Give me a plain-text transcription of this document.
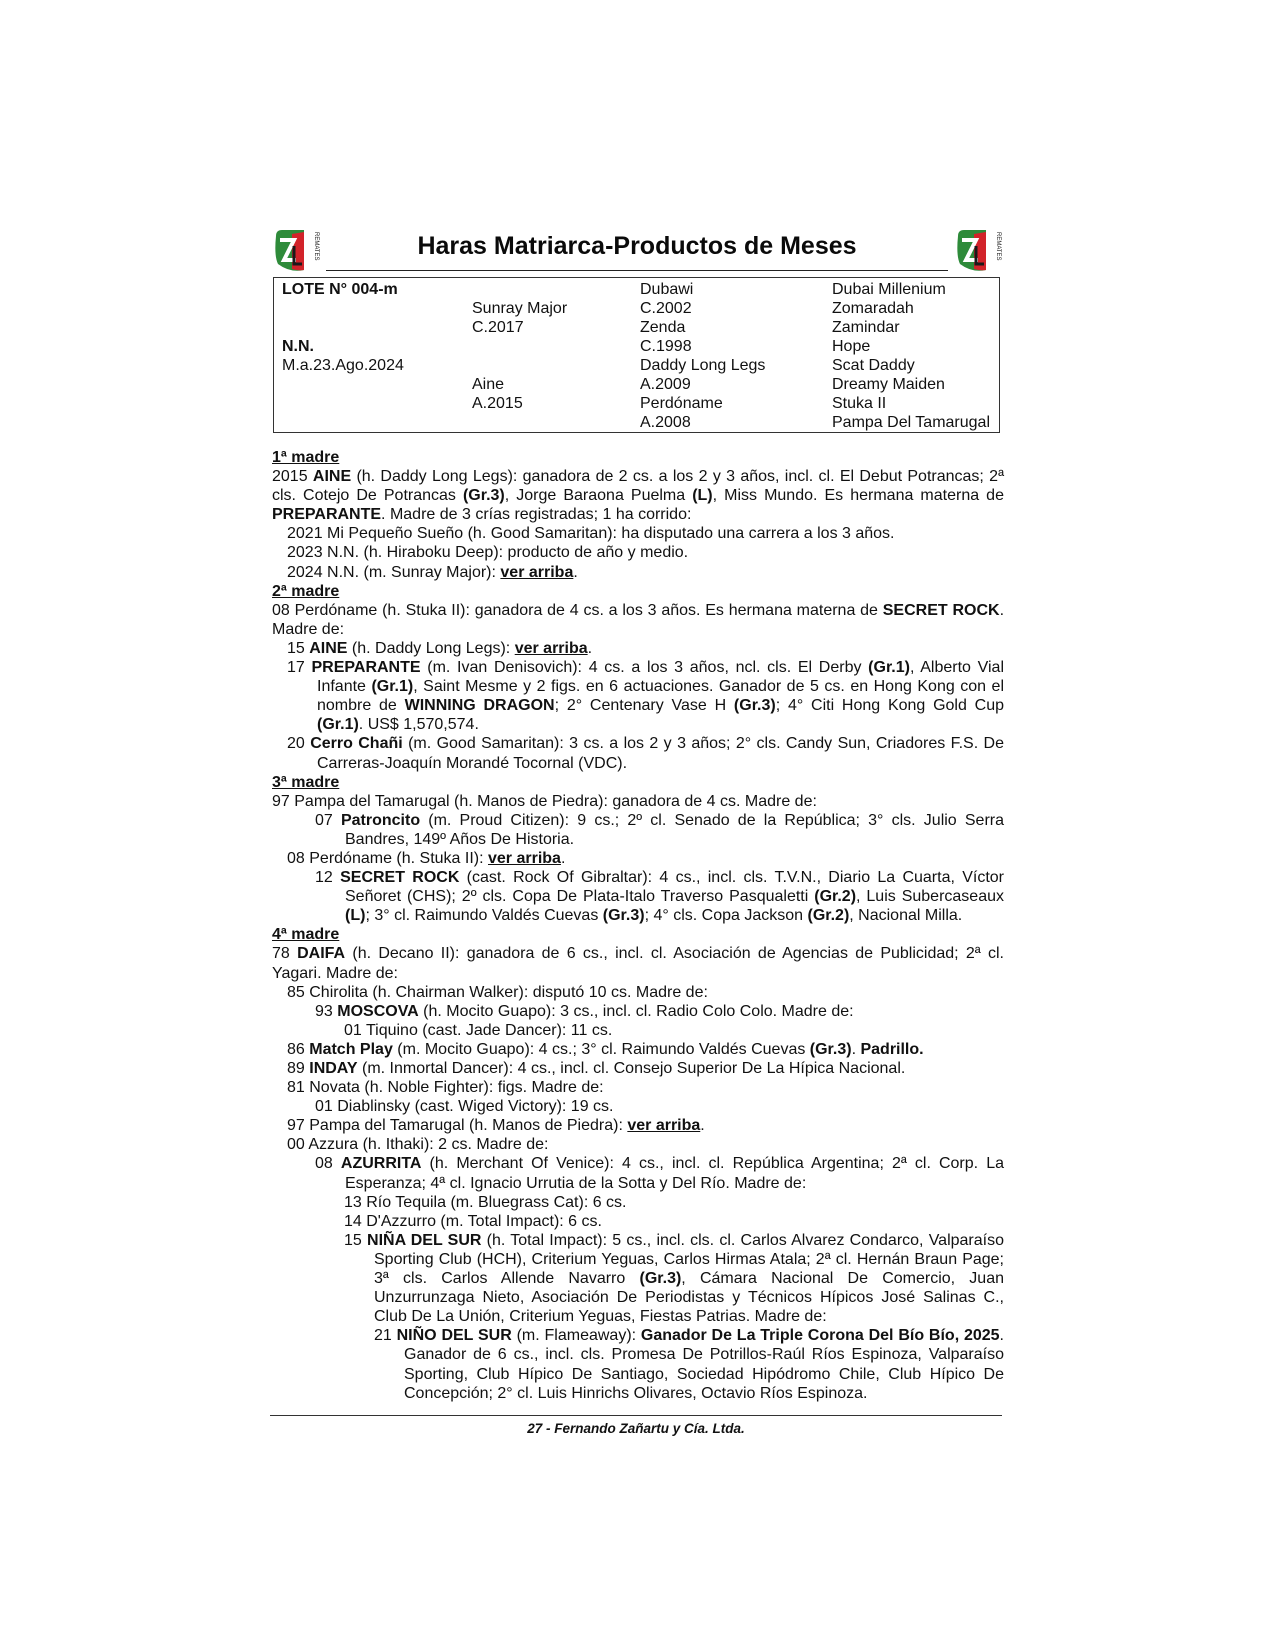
REMATES	Haras Matriarca-Productos de Meses	REMATES
LOTE N° 004-m
N.N.
M.a.23.Ago.2024
Sunray Major
C.2017
Aine
A.2015
Dubawi
C.2002
Zenda
C.1998
Daddy Long Legs
A.2009
Perdóname
A.2008
Dubai Millenium
Zomaradah
Zamindar
Hope
Scat Daddy
Dreamy Maiden
Stuka II
Pampa Del Tamarugal

1ª madre

2015 AINE (h. Daddy Long Legs): ganadora de 2 cs. a los 2 y 3 años, incl. cl. El Debut Potrancas; 2ª cls. Cotejo De Potrancas (Gr.3), Jorge Baraona Puelma (L), Miss Mundo. Es hermana materna de PREPARANTE. Madre de 3 crías registradas; 1 ha corrido:

2021 Mi Pequeño Sueño (h. Good Samaritan): ha disputado una carrera a los 3 años.

2023 N.N. (h. Hiraboku Deep): producto de año y medio.

2024 N.N. (m. Sunray Major): ver arriba.

2ª madre

08 Perdóname (h. Stuka II): ganadora de 4 cs. a los 3 años. Es hermana materna de SECRET ROCK. Madre de:

15 AINE (h. Daddy Long Legs): ver arriba.

17 PREPARANTE (m. Ivan Denisovich): 4 cs. a los 3 años, ncl. cls. El Derby (Gr.1), Alberto Vial Infante (Gr.1), Saint Mesme y 2 figs. en 6 actuaciones. Ganador de 5 cs. en Hong Kong con el nombre de WINNING DRAGON; 2° Centenary Vase H (Gr.3); 4° Citi Hong Kong Gold Cup (Gr.1). US$ 1,570,574.

20 Cerro Chañi (m. Good Samaritan): 3 cs. a los 2 y 3 años; 2° cls. Candy Sun, Criadores F.S. De Carreras-Joaquín Morandé Tocornal (VDC).

3ª madre

97 Pampa del Tamarugal (h. Manos de Piedra): ganadora de 4 cs. Madre de:

07 Patroncito (m. Proud Citizen): 9 cs.; 2º cl. Senado de la República; 3° cls. Julio Serra Bandres, 149º Años De Historia.

08 Perdóname (h. Stuka II): ver arriba.

12 SECRET ROCK (cast. Rock Of Gibraltar): 4 cs., incl. cls. T.V.N., Diario La Cuarta, Víctor Señoret (CHS); 2º cls. Copa De Plata-Italo Traverso Pasqualetti (Gr.2), Luis Subercaseaux (L); 3° cl. Raimundo Valdés Cuevas (Gr.3); 4° cls. Copa Jackson (Gr.2), Nacional Milla.

4ª madre

78 DAIFA (h. Decano II): ganadora de 6 cs., incl. cl. Asociación de Agencias de Publicidad; 2ª cl. Yagari. Madre de:

85 Chirolita (h. Chairman Walker): disputó 10 cs. Madre de:

93 MOSCOVA (h. Mocito Guapo): 3 cs., incl. cl. Radio Colo Colo. Madre de:

01 Tiquino (cast. Jade Dancer): 11 cs.

86 Match Play (m. Mocito Guapo): 4 cs.; 3° cl. Raimundo Valdés Cuevas (Gr.3). Padrillo.

89 INDAY (m. Inmortal Dancer): 4 cs., incl. cl. Consejo Superior De La Hípica Nacional.

81 Novata (h. Noble Fighter): figs. Madre de:

01 Diablinsky (cast. Wiged Victory): 19 cs.

97 Pampa del Tamarugal (h. Manos de Piedra): ver arriba.

00 Azzura (h. Ithaki): 2 cs. Madre de:

08 AZURRITA (h. Merchant Of Venice): 4 cs., incl. cl. República Argentina; 2ª cl. Corp. La Esperanza; 4ª cl. Ignacio Urrutia de la Sotta y Del Río. Madre de:

13 Río Tequila (m. Bluegrass Cat): 6 cs.

14 D'Azzurro (m. Total Impact): 6 cs.

15 NIÑA DEL SUR (h. Total Impact): 5 cs., incl. cls. cl. Carlos Alvarez Condarco, Valparaíso Sporting Club (HCH), Criterium Yeguas, Carlos Hirmas Atala; 2ª cl. Hernán Braun Page; 3ª cls. Carlos Allende Navarro (Gr.3), Cámara Nacional De Comercio, Juan Unzurrunzaga Nieto, Asociación De Periodistas y Técnicos Hípicos José Salinas C., Club De La Unión, Criterium Yeguas, Fiestas Patrias. Madre de:

21 NIÑO DEL SUR (m. Flameaway): Ganador De La Triple Corona Del Bío Bío, 2025. Ganador de 6 cs., incl. cls. Promesa De Potrillos-Raúl Ríos Espinoza, Valparaíso Sporting, Club Hípico De Santiago, Sociedad Hipódromo Chile, Club Hípico De Concepción; 2° cl. Luis Hinrichs Olivares, Octavio Ríos Espinoza.

27 - Fernando Zañartu y Cía. Ltda.
